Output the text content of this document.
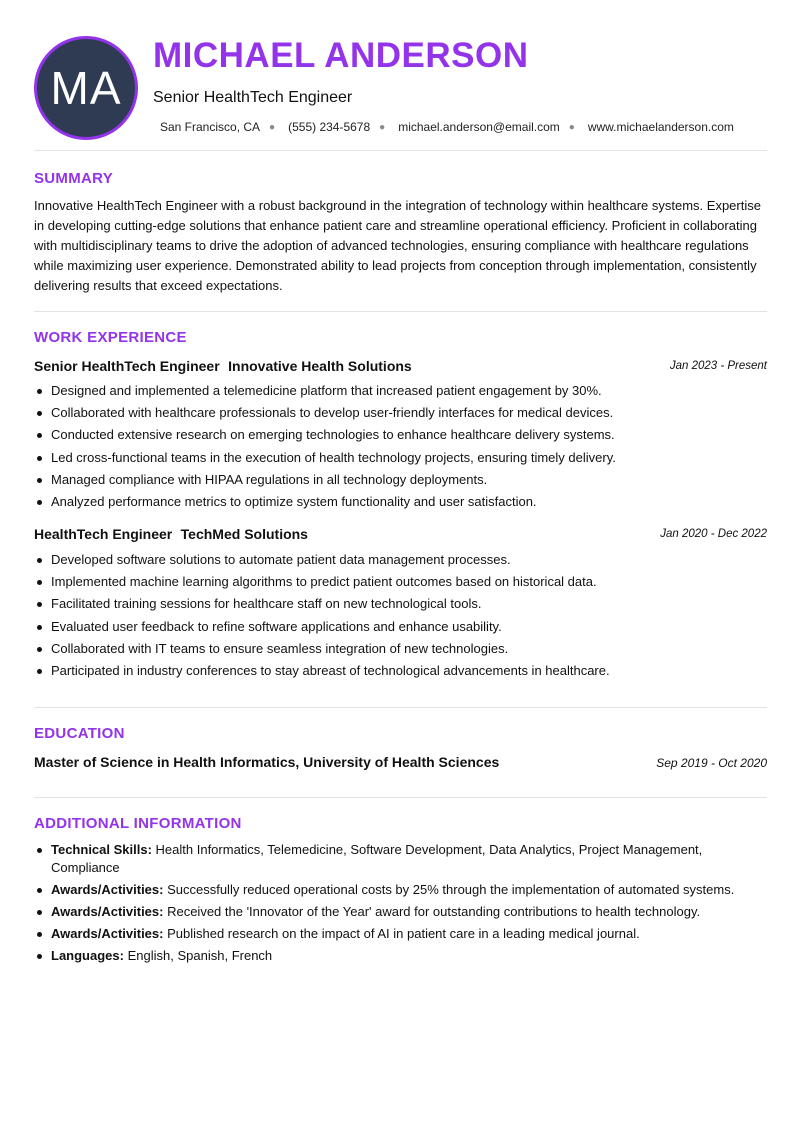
MA
MICHAEL ANDERSON
Senior HealthTech Engineer
San Francisco, CA ● (555) 234-5678 ● michael.anderson@email.com ● www.michaelanderson.com
SUMMARY

Innovative HealthTech Engineer with a robust background in the integration of technology within healthcare systems. Expertise in developing cutting-edge solutions that enhance patient care and streamline operational efficiency. Proficient in collaborating with multidisciplinary teams to drive the adoption of advanced technologies, ensuring compliance with healthcare regulations while maximizing user experience. Demonstrated ability to lead projects from conception through implementation, consistently delivering results that exceed expectations.

WORK EXPERIENCE
Senior HealthTech Engineer Innovative Health Solutions	Jan 2023 - Present
Designed and implemented a telemedicine platform that increased patient engagement by 30%.
Collaborated with healthcare professionals to develop user-friendly interfaces for medical devices.
Conducted extensive research on emerging technologies to enhance healthcare delivery systems.
Led cross-functional teams in the execution of health technology projects, ensuring timely delivery.
Managed compliance with HIPAA regulations in all technology deployments.
Analyzed performance metrics to optimize system functionality and user satisfaction.
HealthTech Engineer TechMed Solutions	Jan 2020 - Dec 2022
Developed software solutions to automate patient data management processes.
Implemented machine learning algorithms to predict patient outcomes based on historical data.
Facilitated training sessions for healthcare staff on new technological tools.
Evaluated user feedback to refine software applications and enhance usability.
Collaborated with IT teams to ensure seamless integration of new technologies.
Participated in industry conferences to stay abreast of technological advancements in healthcare.
EDUCATION
Master of Science in Health Informatics, University of Health Sciences	Sep 2019 - Oct 2020
ADDITIONAL INFORMATION
Technical Skills: Health Informatics, Telemedicine, Software Development, Data Analytics, Project Management, Compliance
Awards/Activities: Successfully reduced operational costs by 25% through the implementation of automated systems.
Awards/Activities: Received the 'Innovator of the Year' award for outstanding contributions to health technology.
Awards/Activities: Published research on the impact of AI in patient care in a leading medical journal.
Languages: English , Spanish , French
